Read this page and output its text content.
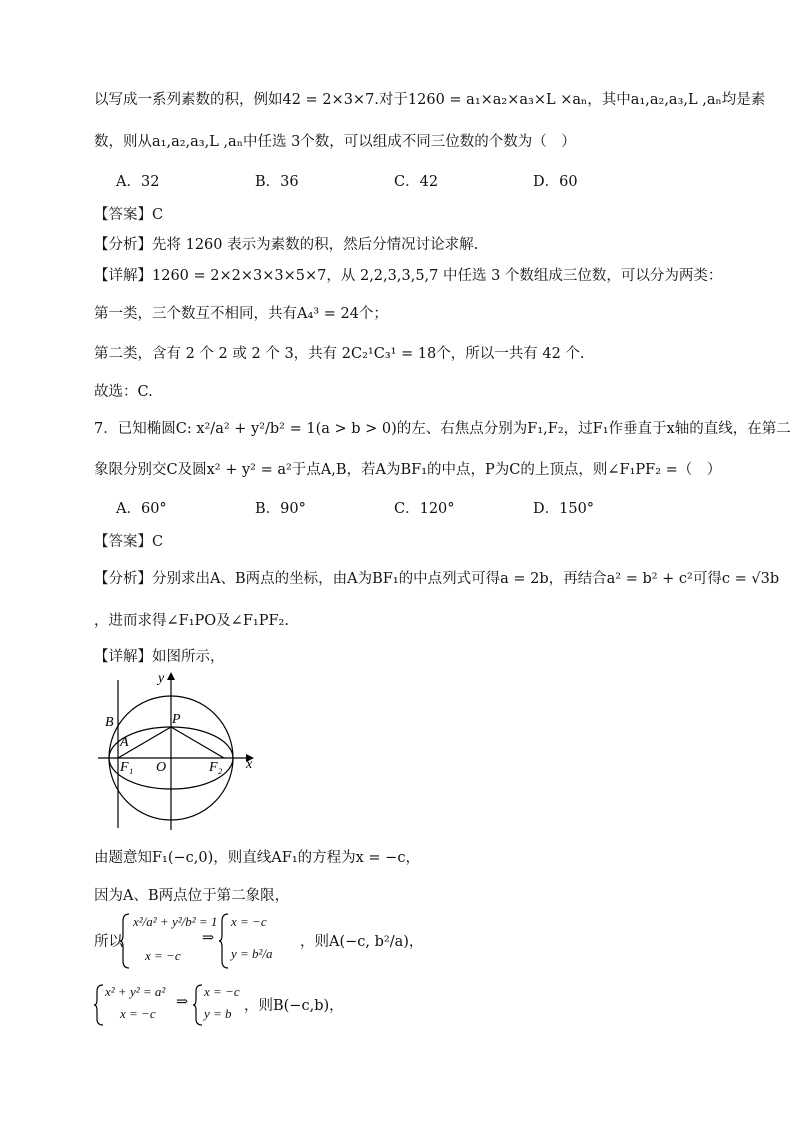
以写成一系列素数的积，例如42 = 2×3×7.对于1260 = a₁×a₂×a₃×L ×aₙ，其中a₁,a₂,a₃,L ,aₙ均是素
数，则从a₁,a₂,a₃,L ,aₙ中任选 3个数，可以组成不同三位数的个数为（　）
A．32	B．36	C．42	D．60
【答案】C
【分析】先将 1260 表示为素数的积，然后分情况讨论求解.
【详解】1260 = 2×2×3×3×5×7，从 2,2,3,3,5,7 中任选 3 个数组成三位数，可以分为两类：
第一类，三个数互不相同，共有A₄³ = 24个；
第二类，含有 2 个 2 或 2 个 3，共有 2C₂¹C₃¹ = 18个，所以一共有 42 个.
故选：C.
7．已知椭圆C: x²/a² + y²/b² = 1(a > b > 0)的左、右焦点分别为F₁,F₂，过F₁作垂直于x轴的直线，在第二
象限分别交C及圆x² + y² = a²于点A,B，若A为BF₁的中点，P为C的上顶点，则∠F₁PF₂ =（　）
A．60°	B．90°	C．120°	D．150°
【答案】C
【分析】分别求出A、B两点的坐标，由A为BF₁的中点列式可得a = 2b，再结合a² = b² + c²可得c = √3b
，进而求得∠F₁PO及∠F₁PF₂.
【详解】如图所示，
y
x
B	P
A
F₁ O	F₂
由题意知F₁(−c,0)，则直线AF₁的方程为x = −c，
因为A、B两点位于第二象限，
所以
x²/a² + y²/b² = 1
x = −c
⇒
x = −c
y = b²/a
，则A(−c, b²/a)，
x² + y² = a²
x = −c
⇒
x = −c
y = b ，则B(−c,b)，
